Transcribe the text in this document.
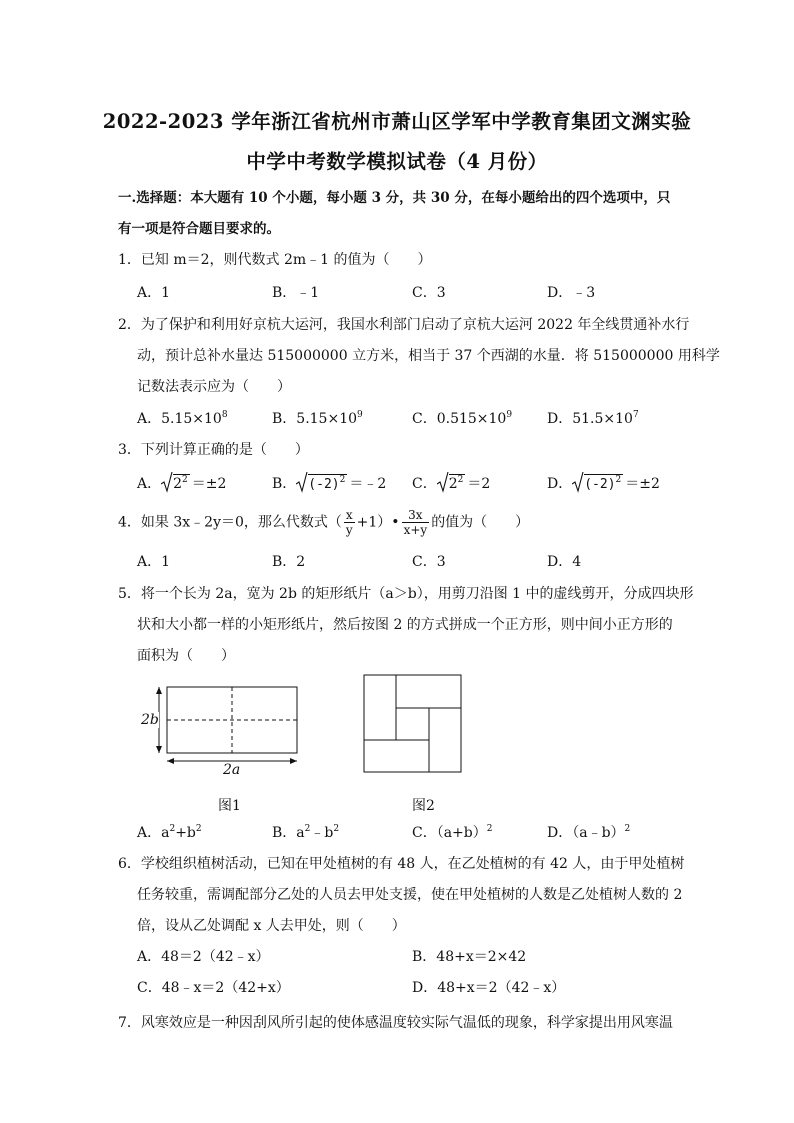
2022-2023 学年浙江省杭州市萧山区学军中学教育集团文渊实验
中学中考数学模拟试卷（4 月份）
一.选择题：本大题有 10 个小题，每小题 3 分，共 30 分，在每小题给出的四个选项中，只
有一项是符合题目要求的。
1．已知 m＝2，则代数式 2m﹣1 的值为（　　）
A．1	B．﹣1	C．3	D．﹣3
2．为了保护和利用好京杭大运河，我国水利部门启动了京杭大运河 2022 年全线贯通补水行
动，预计总补水量达 515000000 立方米，相当于 37 个西湖的水量．将 515000000 用科学
记数法表示应为（　　）
A．$5.15\times 10^8$	B．$5.15\times 10^9$	C．$0.515\times 10^9$ D．$51.5\times 10^7$
3．下列计算正确的是（　　）
A． $2^2 =\pm 2$	B． $(-2)^2$ ＝﹣2 C． $2^2 =2$	D． $(-2)^2 =\pm 2$
4．如果 3x﹣2y＝0，那么代数式（ $\frac{x}{y}$ +1）• $\frac{3x}{x+y}$ 的值为（　　）
A．1	B．2	C．3	D．4
5．将一个长为 2a，宽为 2b 的矩形纸片（a＞b），用剪刀沿图 1 中的虚线剪开，分成四块形
状和大小都一样的小矩形纸片，然后按图 2 的方式拼成一个正方形，则中间小正方形的
面积为（　　）
2b
2a
图1	图2
A．$a^2+b^2$	B．$a^2﹣b^2$	C．$(a+b)^2$	D．（a﹣b）$^2$
6．学校组织植树活动，已知在甲处植树的有 48 人，在乙处植树的有 42 人，由于甲处植树
任务较重，需调配部分乙处的人员去甲处支援，使在甲处植树的人数是乙处植树人数的 2
倍，设从乙处调配 x 人去甲处，则（　　）
A．48＝2（42﹣x）	B．48+x＝2×42
C．48﹣x＝2（42+x）	D．48+x＝2（42﹣x）
7．风寒效应是一种因刮风所引起的使体感温度较实际气温低的现象，科学家提出用风寒温
